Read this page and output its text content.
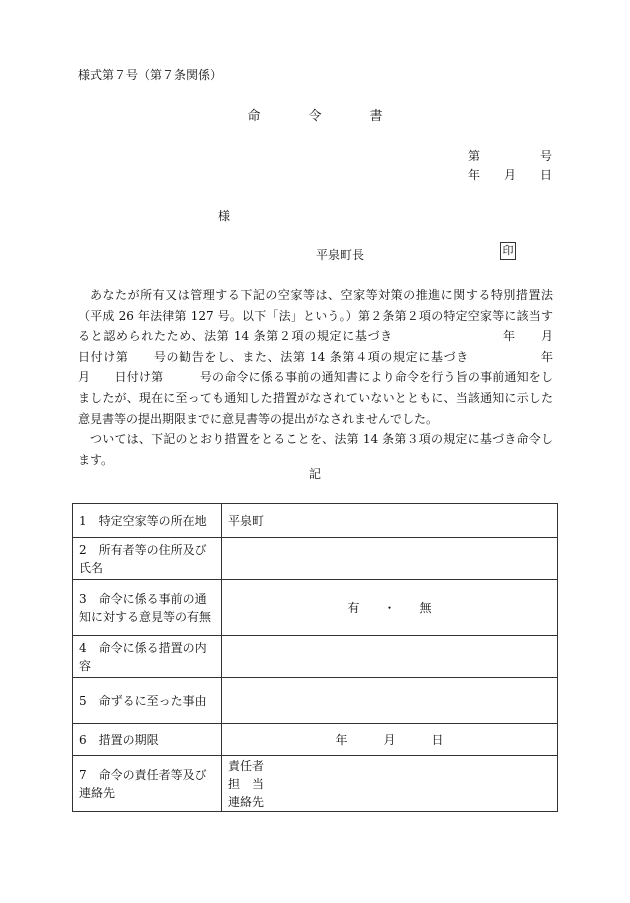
様式第７号（第７条関係）
命	令	書
第	号
年 月 日
様
平泉町長	印

あなたが所有又は管理する下記の空家等は、空家等対策の推進に関する特別措置法（平成 26 年法律第 127 号。以下「法」という。）第２条第２項の特定空家等に該当すると認められたため、法第 14 条第２項の規定に基づき 　　　　　　　　 年　　月　　日付け第　　号の勧告をし、また、法第 14 条第４項の規定に基づき 　　　　　 年　　月　　日付け第　　　号の命令に係る事前の通知書により命令を行う旨の事前通知をしましたが、現在に至っても通知した措置がなされていないとともに、当該通知に示した意見書等の提出期限までに意見書等の提出がなされませんでした。

ついては、下記のとおり措置をとることを、法第 14 条第３項の規定に基づき命令します。

記
1　特定空家等の所在地	平泉町
2　所有者等の住所及び氏名	
3　命令に係る事前の通知に対する意見等の有無	有　　・　　無
4　命令に係る措置の内容	
5　命ずるに至った事由	
6　措置の期限	年　　　月　　　日
7　命令の責任者等及び連絡先	責任者
担　当
連絡先
